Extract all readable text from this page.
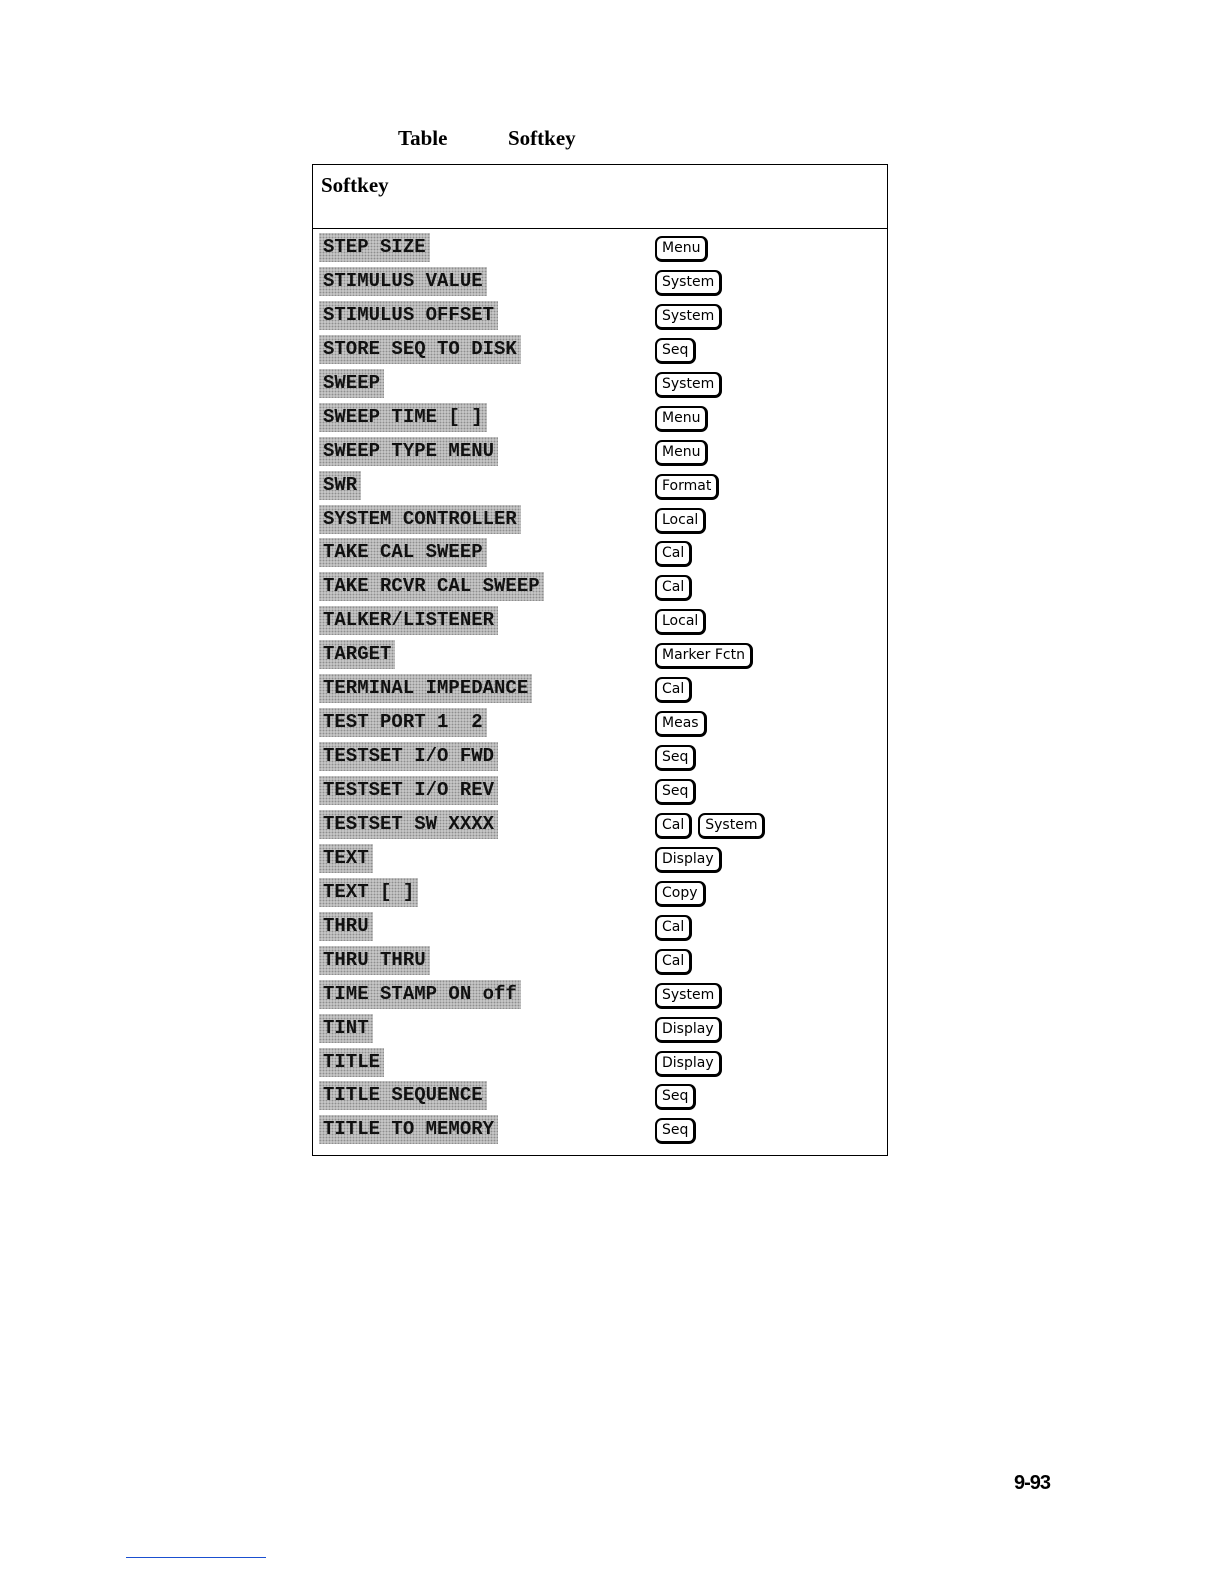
Table	Softkey
Softkey
STEP SIZE	Menu
STIMULUS VALUE	System
STIMULUS OFFSET	System
STORE SEQ TO DISK	Seq
SWEEP	System
SWEEP TIME [ ]	Menu
SWEEP TYPE MENU	Menu
SWR	Format
SYSTEM CONTROLLER	Local
TAKE CAL SWEEP	Cal
TAKE RCVR CAL SWEEP	Cal
TALKER/LISTENER	Local
TARGET	Marker Fctn
TERMINAL IMPEDANCE	Cal
TEST PORT 1  2	Meas
TESTSET I/O FWD	Seq
TESTSET I/O REV	Seq
TESTSET SW XXXX	Cal	System
TEXT	Display
TEXT [ ]	Copy
THRU	Cal
THRU THRU	Cal
TIME STAMP ON off	System
TINT	Display
TITLE	Display
TITLE SEQUENCE	Seq
TITLE TO MEMORY	Seq
9-93
